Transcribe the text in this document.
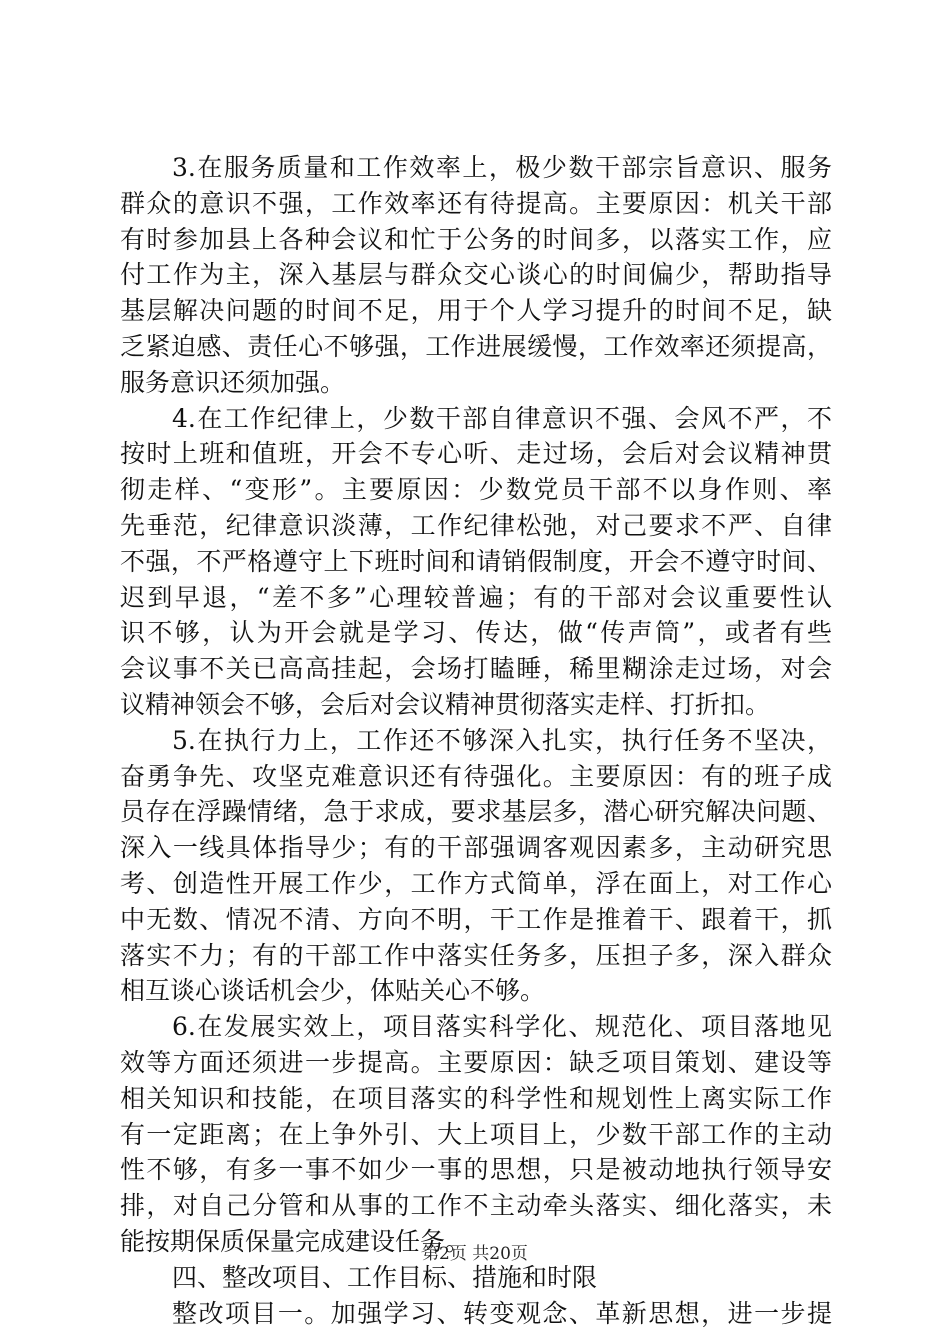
3.在服务质量和工作效率上，极少数干部宗旨意识、服务
群众的意识不强，工作效率还有待提高。主要原因：机关干部
有时参加县上各种会议和忙于公务的时间多，以落实工作，应
付工作为主，深入基层与群众交心谈心的时间偏少，帮助指导
基层解决问题的时间不足，用于个人学习提升的时间不足，缺
乏紧迫感、责任心不够强，工作进展缓慢，工作效率还须提高，
服务意识还须加强。
4.在工作纪律上，少数干部自律意识不强、会风不严，不
按时上班和值班，开会不专心听、走过场，会后对会议精神贯
彻走样、“变形”。主要原因：少数党员干部不以身作则、率
先垂范，纪律意识淡薄，工作纪律松弛，对己要求不严、自律
不强，不严格遵守上下班时间和请销假制度，开会不遵守时间、
迟到早退，“差不多”心理较普遍；有的干部对会议重要性认
识不够，认为开会就是学习、传达，做“传声筒”，或者有些
会议事不关已高高挂起，会场打瞌睡，稀里糊涂走过场，对会
议精神领会不够，会后对会议精神贯彻落实走样、打折扣。
5.在执行力上，工作还不够深入扎实，执行任务不坚决，
奋勇争先、攻坚克难意识还有待强化。主要原因：有的班子成
员存在浮躁情绪，急于求成，要求基层多，潜心研究解决问题、
深入一线具体指导少；有的干部强调客观因素多，主动研究思
考、创造性开展工作少，工作方式简单，浮在面上，对工作心
中无数、情况不清、方向不明，干工作是推着干、跟着干，抓
落实不力；有的干部工作中落实任务多，压担子多，深入群众
相互谈心谈话机会少，体贴关心不够。
6.在发展实效上，项目落实科学化、规范化、项目落地见
效等方面还须进一步提高。主要原因：缺乏项目策划、建设等
相关知识和技能，在项目落实的科学性和规划性上离实际工作
有一定距离；在上争外引、大上项目上，少数干部工作的主动
性不够，有多一事不如少一事的思想，只是被动地执行领导安
排，对自己分管和从事的工作不主动牵头落实、细化落实，未
能按期保质保量完成建设任务。
四、整改项目、工作目标、措施和时限
整改项目一。加强学习、转变观念、革新思想，进一步提
第2页 共20页
